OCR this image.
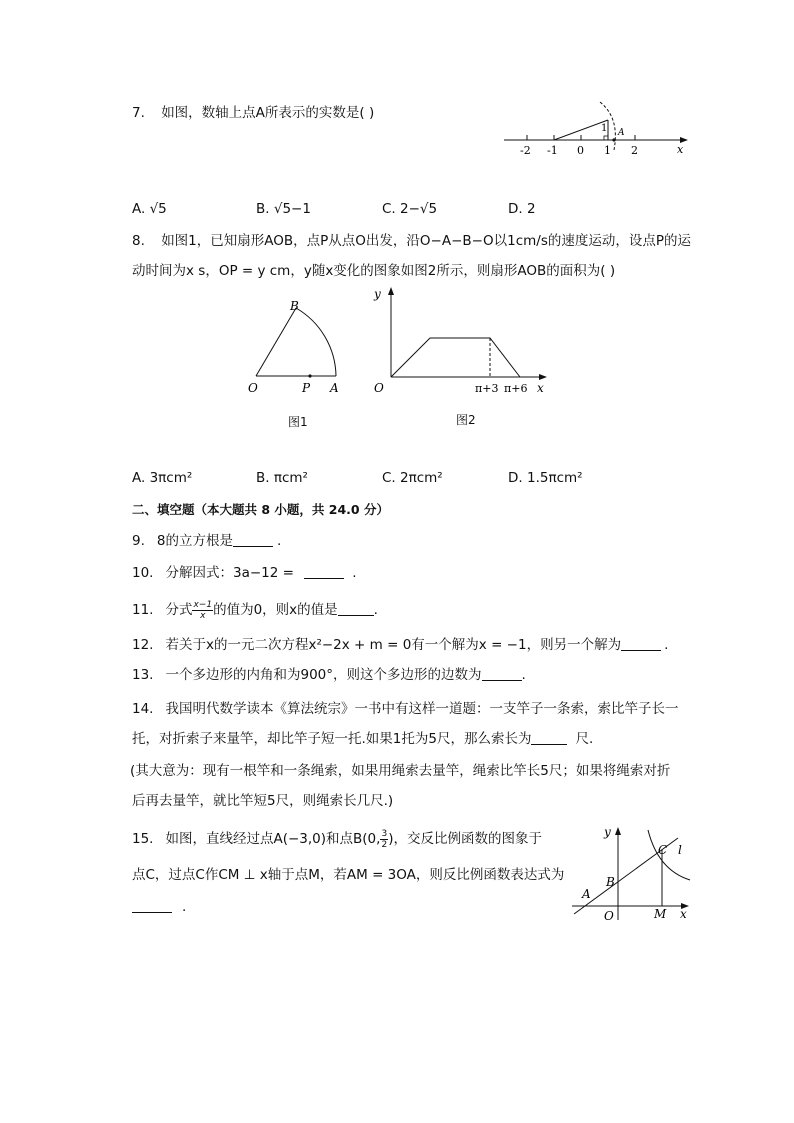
7. 如图，数轴上点A所表示的实数是( )
A
1
-2 -1 0 1 2	x
A. √5	B. √5−1	C. 2−√5	D. 2
8. 如图1，已知扇形AOB，点P从点O出发，沿O−A−B−O以1cm/s的速度运动，设点P的运
动时间为x s，OP = y cm，y随x变化的图象如图2所示，则扇形AOB的面积为( )
B
O	P A
图1
y
O	π+3 π+6 x
图2
A. 3πcm²	B. πcm²	C. 2πcm²	D. 1.5πcm²
二、填空题（本大题共 8 小题，共 24.0 分）
9. 8的立方根是	.
10. 分解因式：3a−12 =	.
11. 分式 $\frac{x-1}{x}$ 的值为0，则x的值是	.
12. 若关于x的一元二次方程x²−2x + m = 0有一个解为x = −1，则另一个解为	.
13. 一个多边形的内角和为900°，则这个多边形的边数为	.
14. 我国明代数学读本《算法统宗》一书中有这样一道题：一支竿子一条索，索比竿子长一
托，对折索子来量竿，却比竿子短一托.如果1托为5尺，那么索长为	尺.
(其大意为：现有一根竿和一条绳索，如果用绳索去量竿，绳索比竿长5尺；如果将绳索对折
后再去量竿，就比竿短5尺，则绳索长几尺.)
15. 如图，直线经过点A(−3,0)和点B(0, $\frac{3}{2}$ )，交反比例函数的图象于
点C，过点C作CM ⊥ x轴于点M，若AM = 3OA，则反比例函数表达式为
.
y
x
O
A
B
C
M
l
